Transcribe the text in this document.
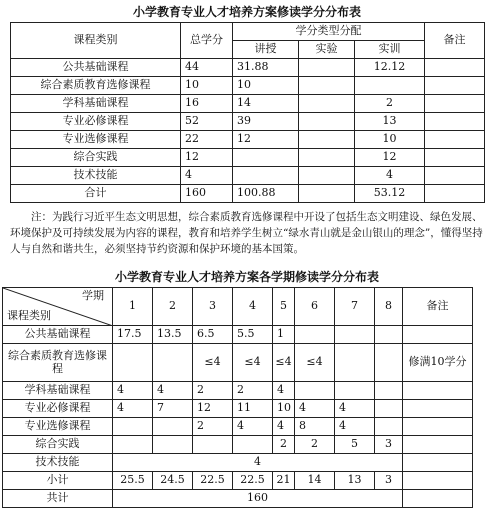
小学教育专业人才培养方案修读学分分布表
课程类别	总学分	学分类型分配			备注
		讲授	实验	实训	
公共基础课程	44	31.88		12.12	
综合素质教育选修课程	10	10			
学科基础课程	16	14		2	
专业必修课程	52	39		13	
专业选修课程	22	12		10	
综合实践	12			12	
技术技能	4			4	
合计	160	100.88		53.12	
注：为践行习近平生态文明思想，综合素质教育选修课程中开设了包括生态文明建设、绿色发展、环境保护及可持续发展为内容的课程，教育和培养学生树立“绿水青山就是金山银山的理念”，懂得坚持人与自然和谐共生，必须坚持节约资源和保护环境的基本国策。
小学教育专业人才培养方案各学期修读学分分布表
学期
课程类别	1	2	3	4	5	6	7	8	备注
公共基础课程	17.5	13.5	6.5	5.5	1				
综合素质教育选修课程			≤4	≤4	≤4	≤4			修满10学分
学科基础课程	4	4	2	2	4				
专业必修课程	4	7	12	11	10	4	4		
专业选修课程			2	4	4	8	4		
综合实践					2	2	5	3	
技术技能	4								
小计	25.5	24.5	22.5	22.5	21	14	13	3	
共计	160								
